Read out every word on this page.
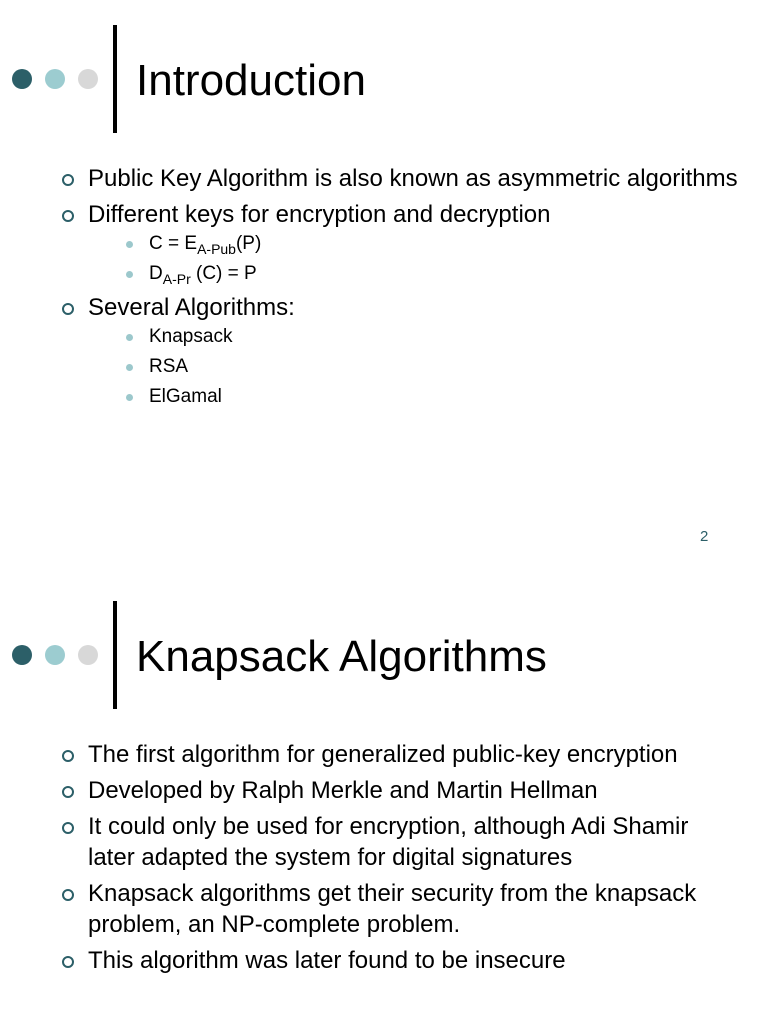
Introduction
Public Key Algorithm is also known as asymmetric algorithms
Different keys for encryption and decryption
$C = E_{A-Pub}(P)$
$D_{A-Pr}$ (C) = P
Several Algorithms:
Knapsack
RSA
ElGamal
2
Knapsack Algorithms
The first algorithm for generalized public-key encryption
Developed by Ralph Merkle and Martin Hellman
It could only be used for encryption, although Adi Shamir later adapted the system for digital signatures
Knapsack algorithms get their security from the knapsack problem, an NP-complete problem.
This algorithm was later found to be insecure
